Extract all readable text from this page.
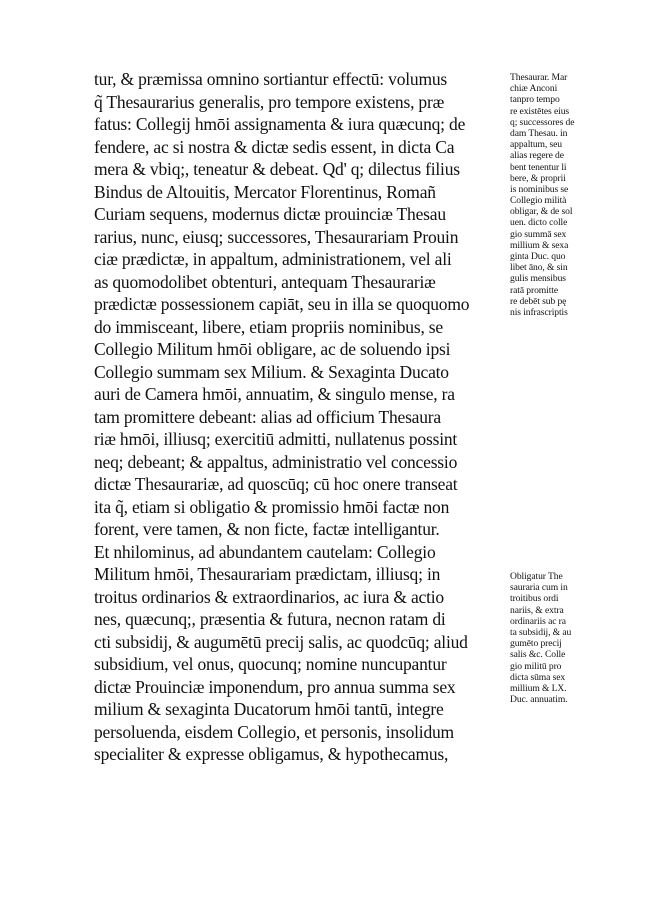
tur, & præmissa omnino sortiantur effectū: volumus
q̃ Thesaurarius generalis, pro tempore existens, præ
fatus: Collegij hmōi assignamenta & iura quæcunq; de
fendere, ac si nostra & dictæ sedis essent, in dicta Ca
mera & vbiq;, teneatur & debeat. Qd' q; dilectus filius
Bindus de Altouitis, Mercator Florentinus, Romañ
Curiam sequens, modernus dictæ prouinciæ Thesau
rarius, nunc, eiusq; successores, Thesaurariam Prouin
ciæ prædictæ, in appaltum, administrationem, vel ali
as quomodolibet obtenturi, antequam Thesaurariæ
prædictæ possessionem capiāt, seu in illa se quoquomo
do immisceant, libere, etiam propriis nominibus, se
Collegio Militum hmōi obligare, ac de soluendo ipsi
Collegio summam sex Milium. & Sexaginta Ducato
auri de Camera hmōi, annuatim, & singulo mense, ra
tam promittere debeant: alias ad officium Thesaura
riæ hmōi, illiusq; exercitiū admitti, nullatenus possint
neq; debeant; & appaltus, administratio vel concessio
dictæ Thesaurariæ, ad quoscūq; cū hoc onere transeat
ita q̃, etiam si obligatio & promissio hmōi factæ non
forent, vere tamen, & non ficte, factæ intelligantur.
Et nhilominus, ad abundantem cautelam: Collegio
Militum hmōi, Thesaurariam prædictam, illiusq; in
troitus ordinarios & extraordinarios, ac iura & actio
nes, quæcunq;, præsentia & futura, necnon ratam di
cti subsidij, & augumētū precij salis, ac quodcūq; aliud
subsidium, vel onus, quocunq; nomine nuncupantur
dictæ Prouinciæ imponendum, pro annua summa sex
milium & sexaginta Ducatorum hmōi tantū, integre
persoluenda, eisdem Collegio, et personis, insolidum
specialiter & expresse obligamus, & hypothecamus,
Thesaurar. Mar
chiæ Anconi
tanpro tempo
re existētes eius
q; successores de
dam Thesau. in
appaltum, seu
alias regere de
bent tenentur li
bere, & proprii
is nominibus se
Collegio milità
obligar, & de sol
uen. dicto colle
gio summā sex
millium & sexa
ginta Duc. quo
libet āno, & sin
gulis mensibus
ratā promitte
re debēt sub pę
nis infrascriptis
Obligatur The
sauraria cum in
troitibus ordi
nariis, & extra
ordinariis ac ra
ta subsidij, & au
gumēto precij
salis &c. Colle
gio militū pro
dicta sūma sex
millium & LX.
Duc. annuatim.
